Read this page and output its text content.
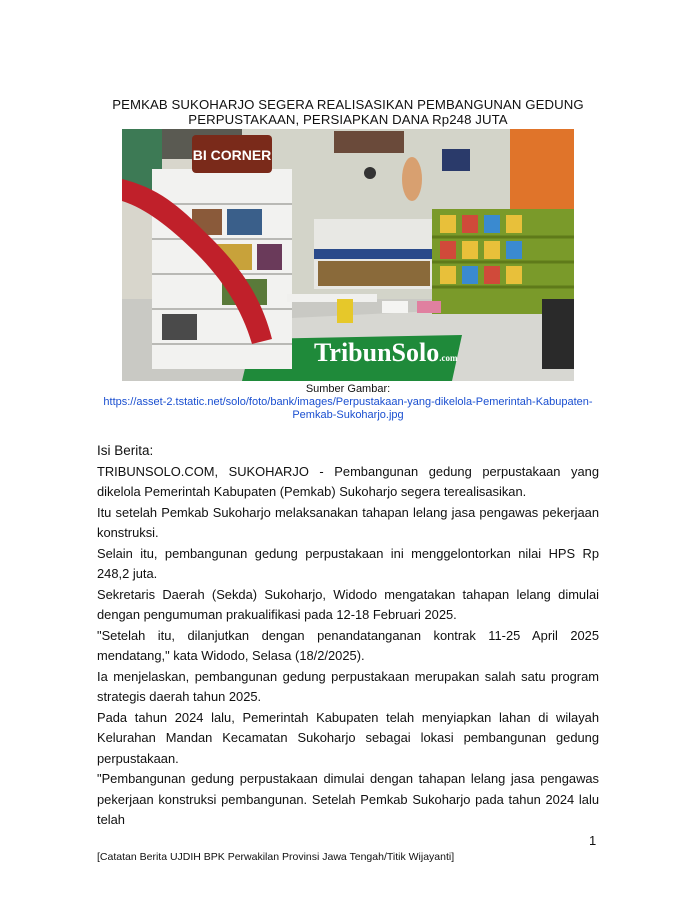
PEMKAB SUKOHARJO SEGERA REALISASIKAN PEMBANGUNAN GEDUNG
PERPUSTAKAAN, PERSIAPKAN DANA Rp248 JUTA
BI CORNER
TribunSolo.com
Sumber Gambar:
https://asset-2.tstatic.net/solo/foto/bank/images/Perpustakaan-yang-dikelola-Pemerintah-Kabupaten-
Pemkab-Sukoharjo.jpg

Isi Berita:

TRIBUNSOLO.COM, SUKOHARJO - Pembangunan gedung perpustakaan yang dikelola Pemerintah Kabupaten (Pemkab) Sukoharjo segera terealisasikan.

Itu setelah Pemkab Sukoharjo melaksanakan tahapan lelang jasa pengawas pekerjaan konstruksi.

Selain itu, pembangunan gedung perpustakaan ini menggelontorkan nilai HPS Rp 248,2 juta.

Sekretaris Daerah (Sekda) Sukoharjo, Widodo mengatakan tahapan lelang dimulai dengan pengumuman prakualifikasi pada 12-18 Februari 2025.

"Setelah itu, dilanjutkan dengan penandatanganan kontrak 11-25 April 2025 mendatang," kata Widodo, Selasa (18/2/2025).

Ia menjelaskan, pembangunan gedung perpustakaan merupakan salah satu program strategis daerah tahun 2025.

Pada tahun 2024 lalu, Pemerintah Kabupaten telah menyiapkan lahan di wilayah Kelurahan Mandan Kecamatan Sukoharjo sebagai lokasi pembangunan gedung perpustakaan.

"Pembangunan gedung perpustakaan dimulai dengan tahapan lelang jasa pengawas pekerjaan konstruksi pembangunan. Setelah Pemkab Sukoharjo pada tahun 2024 lalu telah

1
[Catatan Berita UJDIH BPK Perwakilan Provinsi Jawa Tengah/Titik Wijayanti]
